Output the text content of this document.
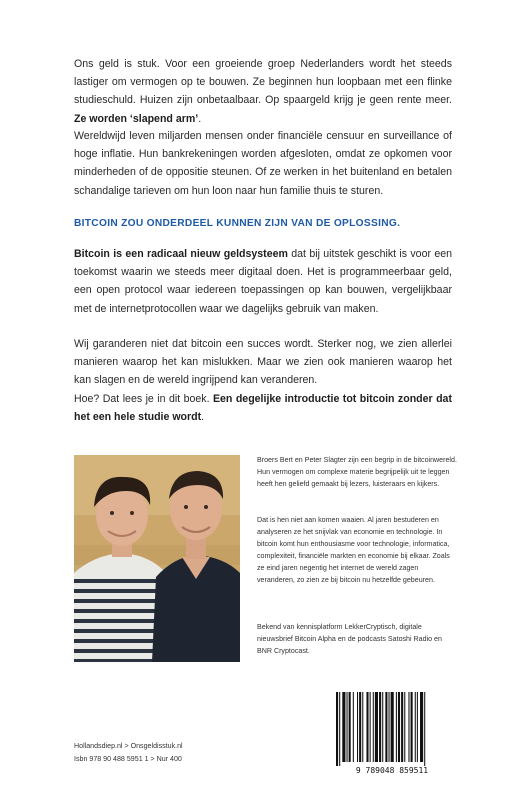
Ons geld is stuk. Voor een groeiende groep Nederlanders wordt het steeds lastiger om vermogen op te bouwen. Ze beginnen hun loopbaan met een flinke studieschuld. Huizen zijn onbetaalbaar. Op spaargeld krijg je geen rente meer. Ze worden ‘slapend arm’.

Wereldwijd leven miljarden mensen onder financiële censuur en surveillance of hoge inflatie. Hun bankrekeningen worden afgesloten, omdat ze opkomen voor minderheden of de oppositie steunen. Of ze werken in het buitenland en betalen schandalige tarieven om hun loon naar hun familie thuis te sturen.

BITCOIN ZOU ONDERDEEL KUNNEN ZIJN VAN DE OPLOSSING.

Bitcoin is een radicaal nieuw geldsysteem dat bij uitstek geschikt is voor een toekomst waarin we steeds meer digitaal doen. Het is programmeerbaar geld, een open protocol waar iedereen toepassingen op kan bouwen, vergelijkbaar met de internetprotocollen waar we dagelijks gebruik van maken.

Wij garanderen niet dat bitcoin een succes wordt. Sterker nog, we zien allerlei manieren waarop het kan mislukken. Maar we zien ook manieren waarop het kan slagen en de wereld ingrijpend kan veranderen.

Hoe? Dat lees je in dit boek. Een degelijke introductie tot bitcoin zonder dat het een hele studie wordt.

Broers Bert en Peter Slagter zijn een begrip in de bitcoinwereld. Hun vermogen om complexe materie begrijpelijk uit te leggen heeft hen geliefd gemaakt bij lezers, luisteraars en kijkers.

Dat is hen niet aan komen waaien. Al jaren bestuderen en analyseren ze het snijvlak van economie en technologie. In bitcoin komt hun enthousiasme voor technologie, informatica, complexiteit, financiële markten en economie bij elkaar. Zoals ze eind jaren negentig het internet de wereld zagen veranderen, zo zien ze bij bitcoin nu hetzelfde gebeuren.

Bekend van kennisplatform LekkerCryptisch, digitale nieuwsbrief Bitcoin Alpha en de podcasts Satoshi Radio en BNR Cryptocast.

Hollandsdiep.nl > Onsgeldisstuk.nl

Isbn 978 90 488 5951 1 > Nur 400

9 789048 859511
